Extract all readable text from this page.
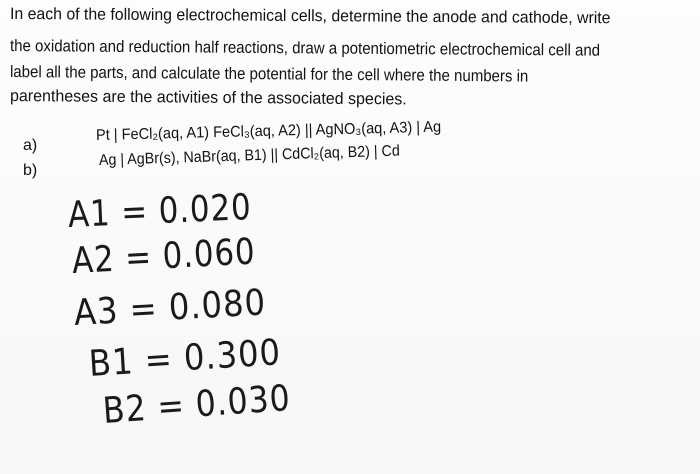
In each of the following electrochemical cells, determine the anode and cathode, write
the oxidation and reduction half reactions, draw a potentiometric electrochemical cell and
label all the parts, and calculate the potential for the cell where the numbers in
parentheses are the activities of the associated species.
a)
b)
Pt | FeCl₂(aq, A1) FeCl₃(aq, A2) || AgNO₃(aq, A3) | Ag
Ag | AgBr(s), NaBr(aq, B1) || CdCl₂(aq, B2) | Cd
A1 = 0.020
A2 = 0.060
A3 = 0.080
B1 = 0.300
B2 = 0.030
